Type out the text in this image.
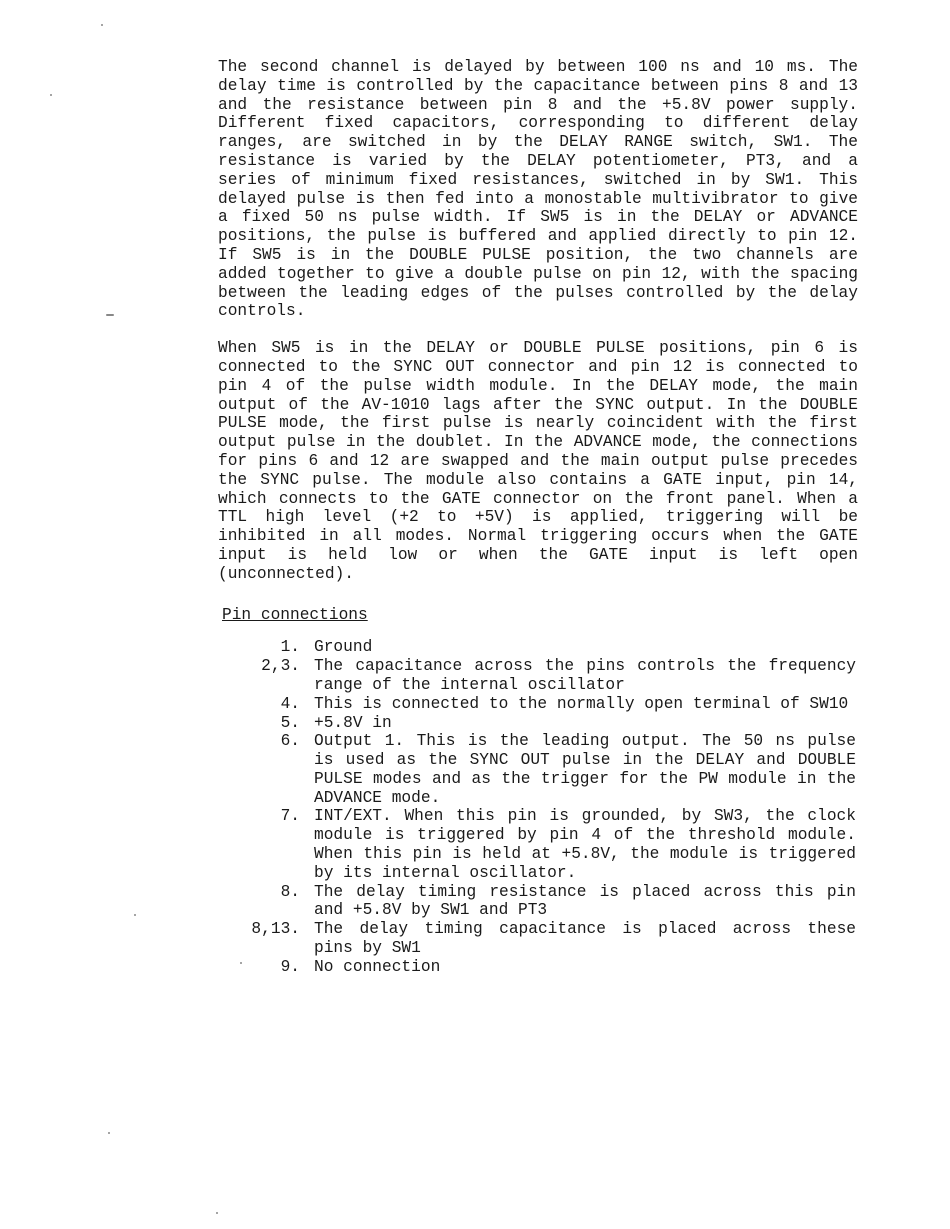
The second channel is delayed by between 100 ns and 10 ms. The delay time is controlled by the capacitance between pins 8 and 13 and the resistance between pin 8 and the +5.8V power supply. Different fixed capacitors, corresponding to different delay ranges, are switched in by the DELAY RANGE switch, SW1. The resistance is varied by the DELAY potentiometer, PT3, and a series of minimum fixed resistances, switched in by SW1. This delayed pulse is then fed into a monostable multivibrator to give a fixed 50 ns pulse width. If SW5 is in the DELAY or ADVANCE positions, the pulse is buffered and applied directly to pin 12. If SW5 is in the DOUBLE PULSE position, the two channels are added together to give a double pulse on pin 12, with the spacing between the leading edges of the pulses controlled by the delay controls.

When SW5 is in the DELAY or DOUBLE PULSE positions, pin 6 is connected to the SYNC OUT connector and pin 12 is connected to pin 4 of the pulse width module. In the DELAY mode, the main output of the AV-1010 lags after the SYNC output. In the DOUBLE PULSE mode, the first pulse is nearly coincident with the first output pulse in the doublet. In the ADVANCE mode, the connections for pins 6 and 12 are swapped and the main output pulse precedes the SYNC pulse. The module also contains a GATE input, pin 14, which connects to the GATE connector on the front panel. When a TTL high level (+2 to +5V) is applied, triggering will be inhibited in all modes. Normal triggering occurs when the GATE input is held low or when the GATE input is left open (unconnected).

Pin connections
1. Ground
2,3. The capacitance across the pins controls the frequency range of the internal oscillator
4. This is connected to the normally open terminal of SW10
5. +5.8V in
6. Output 1. This is the leading output. The 50 ns pulse is used as the SYNC OUT pulse in the DELAY and DOUBLE PULSE modes and as the trigger for the PW module in the ADVANCE mode.
7. INT/EXT. When this pin is grounded, by SW3, the clock module is triggered by pin 4 of the threshold module. When this pin is held at +5.8V, the module is triggered by its internal oscillator.
8. The delay timing resistance is placed across this pin and +5.8V by SW1 and PT3
8,13. The delay timing capacitance is placed across these pins by SW1
9. No connection
